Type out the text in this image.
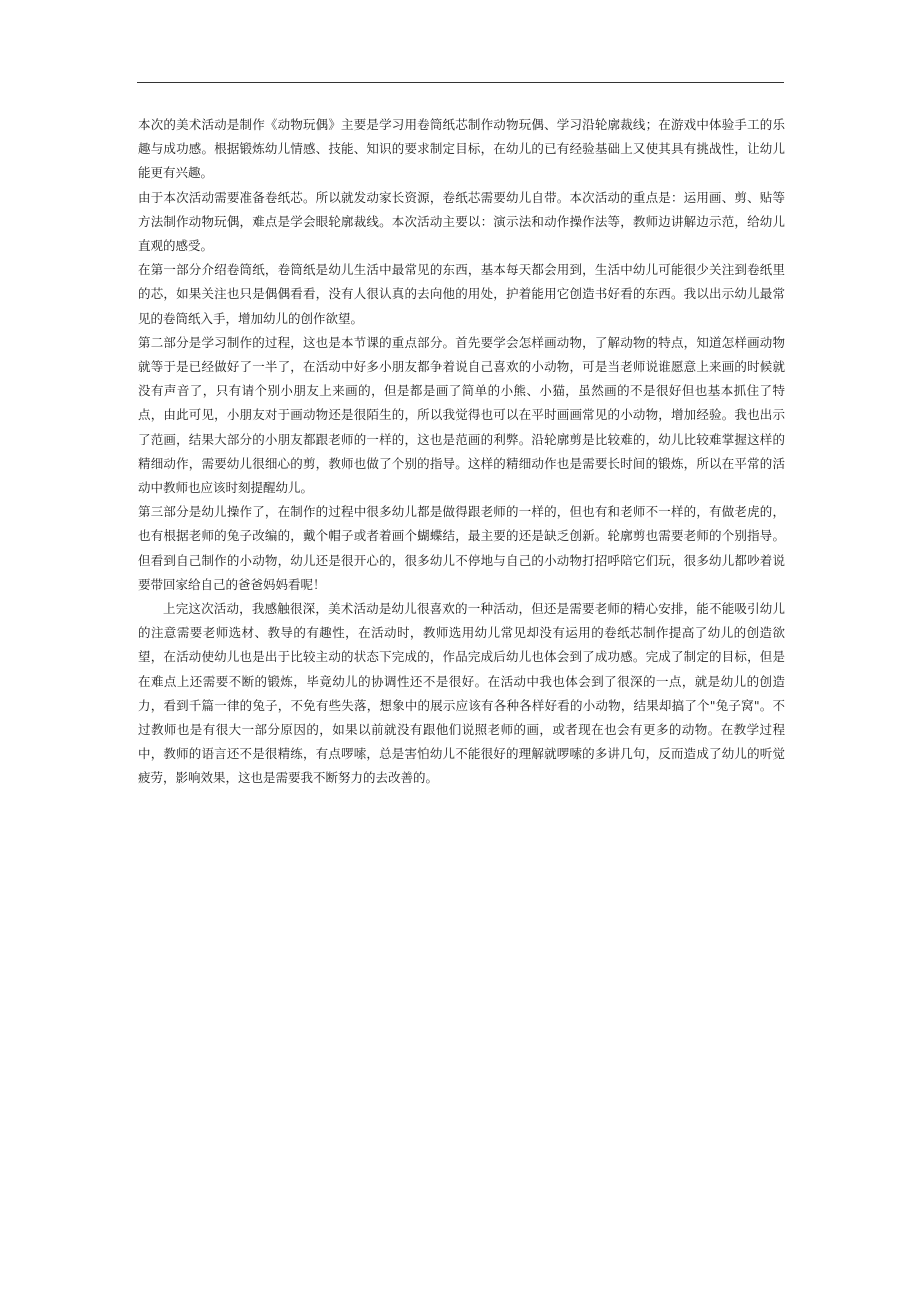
本次的美术活动是制作《动物玩偶》主要是学习用卷筒纸芯制作动物玩偶、学习沿轮廓裁线；在游戏中体验手工的乐趣与成功感。根据锻炼幼儿情感、技能、知识的要求制定目标，在幼儿的已有经验基础上又使其具有挑战性，让幼儿能更有兴趣。

由于本次活动需要准备卷纸芯。所以就发动家长资源，卷纸芯需要幼儿自带。本次活动的重点是：运用画、剪、贴等方法制作动物玩偶，难点是学会眼轮廓裁线。本次活动主要以：演示法和动作操作法等，教师边讲解边示范，给幼儿直观的感受。

在第一部分介绍卷筒纸，卷筒纸是幼儿生活中最常见的东西，基本每天都会用到，生活中幼儿可能很少关注到卷纸里的芯，如果关注也只是偶偶看看，没有人很认真的去向他的用处，护着能用它创造书好看的东西。我以出示幼儿最常见的卷筒纸入手，增加幼儿的创作欲望。

第二部分是学习制作的过程，这也是本节课的重点部分。首先要学会怎样画动物，了解动物的特点，知道怎样画动物就等于是已经做好了一半了，在活动中好多小朋友都争着说自己喜欢的小动物，可是当老师说谁愿意上来画的时候就没有声音了，只有请个别小朋友上来画的，但是都是画了简单的小熊、小猫，虽然画的不是很好但也基本抓住了特点，由此可见，小朋友对于画动物还是很陌生的，所以我觉得也可以在平时画画常见的小动物，增加经验。我也出示了范画，结果大部分的小朋友都跟老师的一样的，这也是范画的利弊。沿轮廓剪是比较难的，幼儿比较难掌握这样的精细动作，需要幼儿很细心的剪，教师也做了个别的指导。这样的精细动作也是需要长时间的锻炼，所以在平常的活动中教师也应该时刻提醒幼儿。

第三部分是幼儿操作了，在制作的过程中很多幼儿都是做得跟老师的一样的，但也有和老师不一样的，有做老虎的，也有根据老师的兔子改编的，戴个帽子或者着画个蝴蝶结，最主要的还是缺乏创新。轮廓剪也需要老师的个别指导。但看到自己制作的小动物，幼儿还是很开心的，很多幼儿不停地与自己的小动物打招呼陪它们玩，很多幼儿都吵着说要带回家给自己的爸爸妈妈看呢！

上完这次活动，我感触很深，美术活动是幼儿很喜欢的一种活动，但还是需要老师的精心安排，能不能吸引幼儿的注意需要老师选材、教导的有趣性，在活动时，教师选用幼儿常见却没有运用的卷纸芯制作提高了幼儿的创造欲望，在活动使幼儿也是出于比较主动的状态下完成的，作品完成后幼儿也体会到了成功感。完成了制定的目标，但是在难点上还需要不断的锻炼，毕竟幼儿的协调性还不是很好。在活动中我也体会到了很深的一点，就是幼儿的创造力，看到千篇一律的兔子，不免有些失落，想象中的展示应该有各种各样好看的小动物，结果却搞了个"兔子窝"。不过教师也是有很大一部分原因的，如果以前就没有跟他们说照老师的画，或者现在也会有更多的动物。在教学过程中，教师的语言还不是很精练，有点啰嗦，总是害怕幼儿不能很好的理解就啰嗦的多讲几句，反而造成了幼儿的听觉疲劳，影响效果，这也是需要我不断努力的去改善的。
